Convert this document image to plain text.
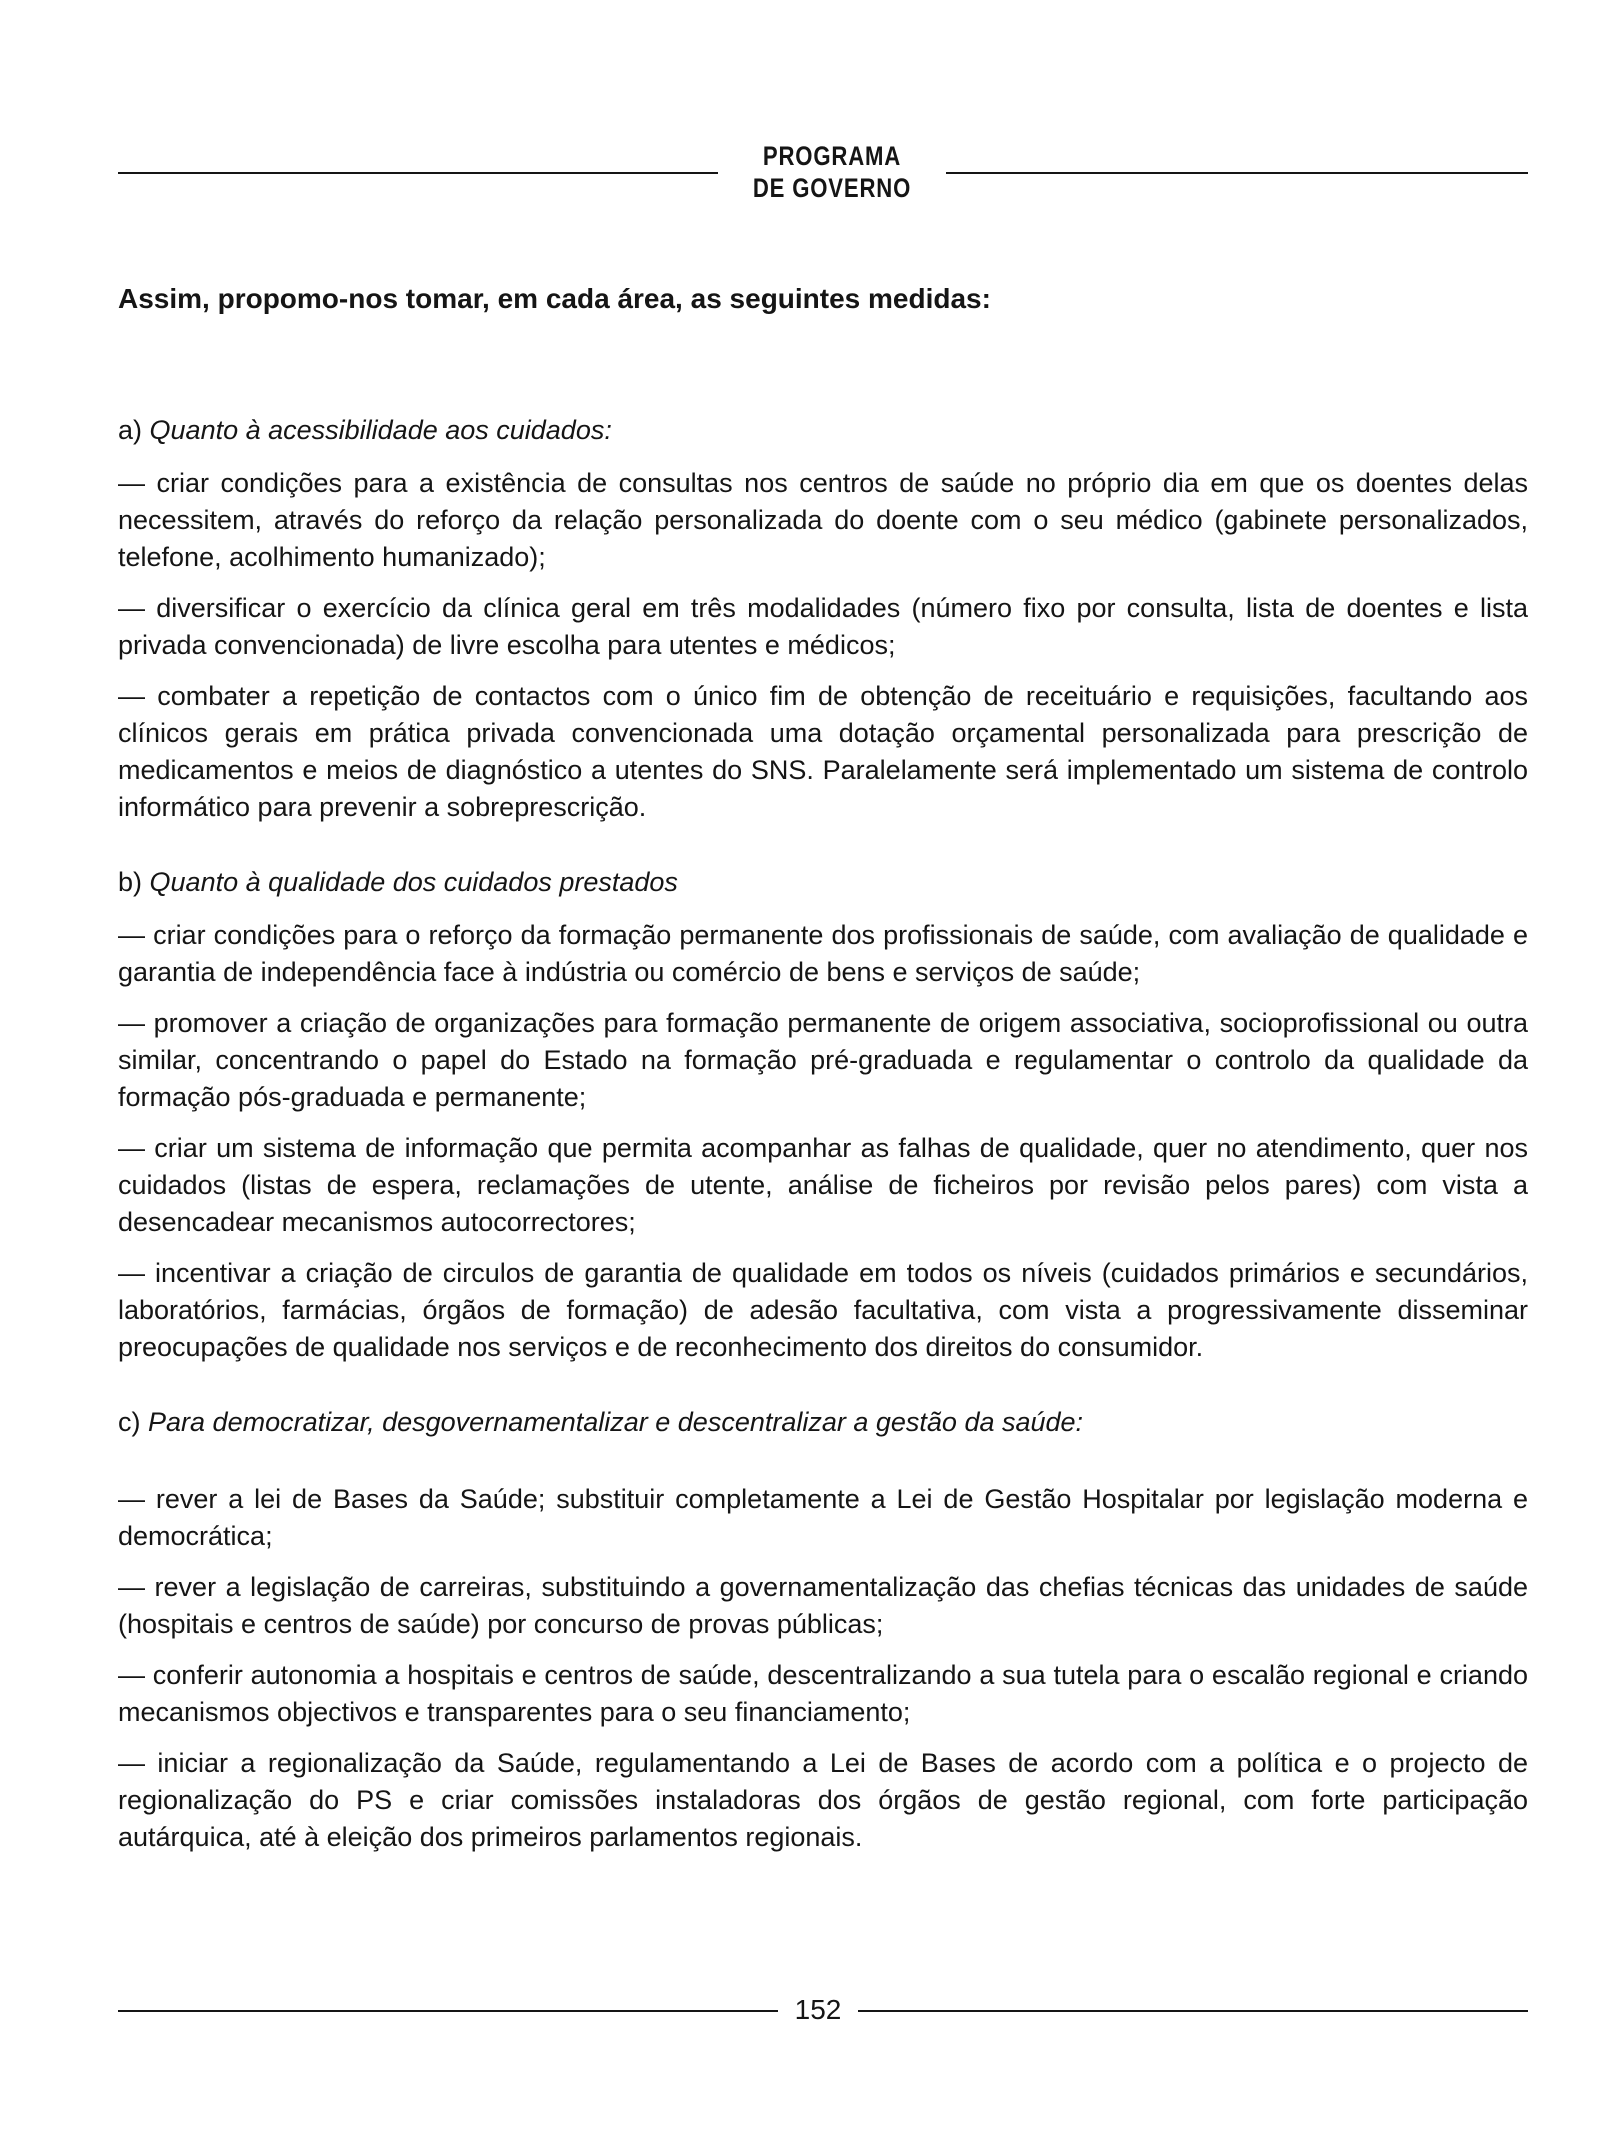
PROGRAMA
DE GOVERNO

Assim, propomo-nos tomar, em cada área, as seguintes medidas:

a) Quanto à acessibilidade aos cuidados:

— criar condições para a existência de consultas nos centros de saúde no próprio dia em que os doentes delas necessitem, através do reforço da relação personalizada do doente com o seu médico (gabinete personalizados, telefone, acolhimento humanizado);

— diversificar o exercício da clínica geral em três modalidades (número fixo por consulta, lista de doentes e lista privada convencionada) de livre escolha para utentes e médicos;

— combater a repetição de contactos com o único fim de obtenção de receituário e requisições, facultando aos clínicos gerais em prática privada convencionada uma dotação orçamental personalizada para prescrição de medicamentos e meios de diagnóstico a utentes do SNS. Paralelamente será implementado um sistema de controlo informático para prevenir a sobreprescrição.

b) Quanto à qualidade dos cuidados prestados

— criar condições para o reforço da formação permanente dos profissionais de saúde, com avaliação de qualidade e garantia de independência face à indústria ou comércio de bens e serviços de saúde;

— promover a criação de organizações para formação permanente de origem associativa, socioprofissional ou outra similar, concentrando o papel do Estado na formação pré-graduada e regulamentar o controlo da qualidade da formação pós-graduada e permanente;

— criar um sistema de informação que permita acompanhar as falhas de qualidade, quer no atendimento, quer nos cuidados (listas de espera, reclamações de utente, análise de ficheiros por revisão pelos pares) com vista a desencadear mecanismos autocorrectores;

— incentivar a criação de circulos de garantia de qualidade em todos os níveis (cuidados primários e secundários, laboratórios, farmácias, órgãos de formação) de adesão facultativa, com vista a progressivamente disseminar preocupações de qualidade nos serviços e de reconhecimento dos direitos do consumidor.

c) Para democratizar, desgovernamentalizar e descentralizar a gestão da saúde:

— rever a lei de Bases da Saúde; substituir completamente a Lei de Gestão Hospitalar por legislação moderna e democrática;

— rever a legislação de carreiras, substituindo a governamentalização das chefias técnicas das unidades de saúde (hospitais e centros de saúde) por concurso de provas públicas;

— conferir autonomia a hospitais e centros de saúde, descentralizando a sua tutela para o escalão regional e criando mecanismos objectivos e transparentes para o seu financiamento;

— iniciar a regionalização da Saúde, regulamentando a Lei de Bases de acordo com a política e o projecto de regionalização do PS e criar comissões instaladoras dos órgãos de gestão regional, com forte participação autárquica, até à eleição dos primeiros parlamentos regionais.

152
